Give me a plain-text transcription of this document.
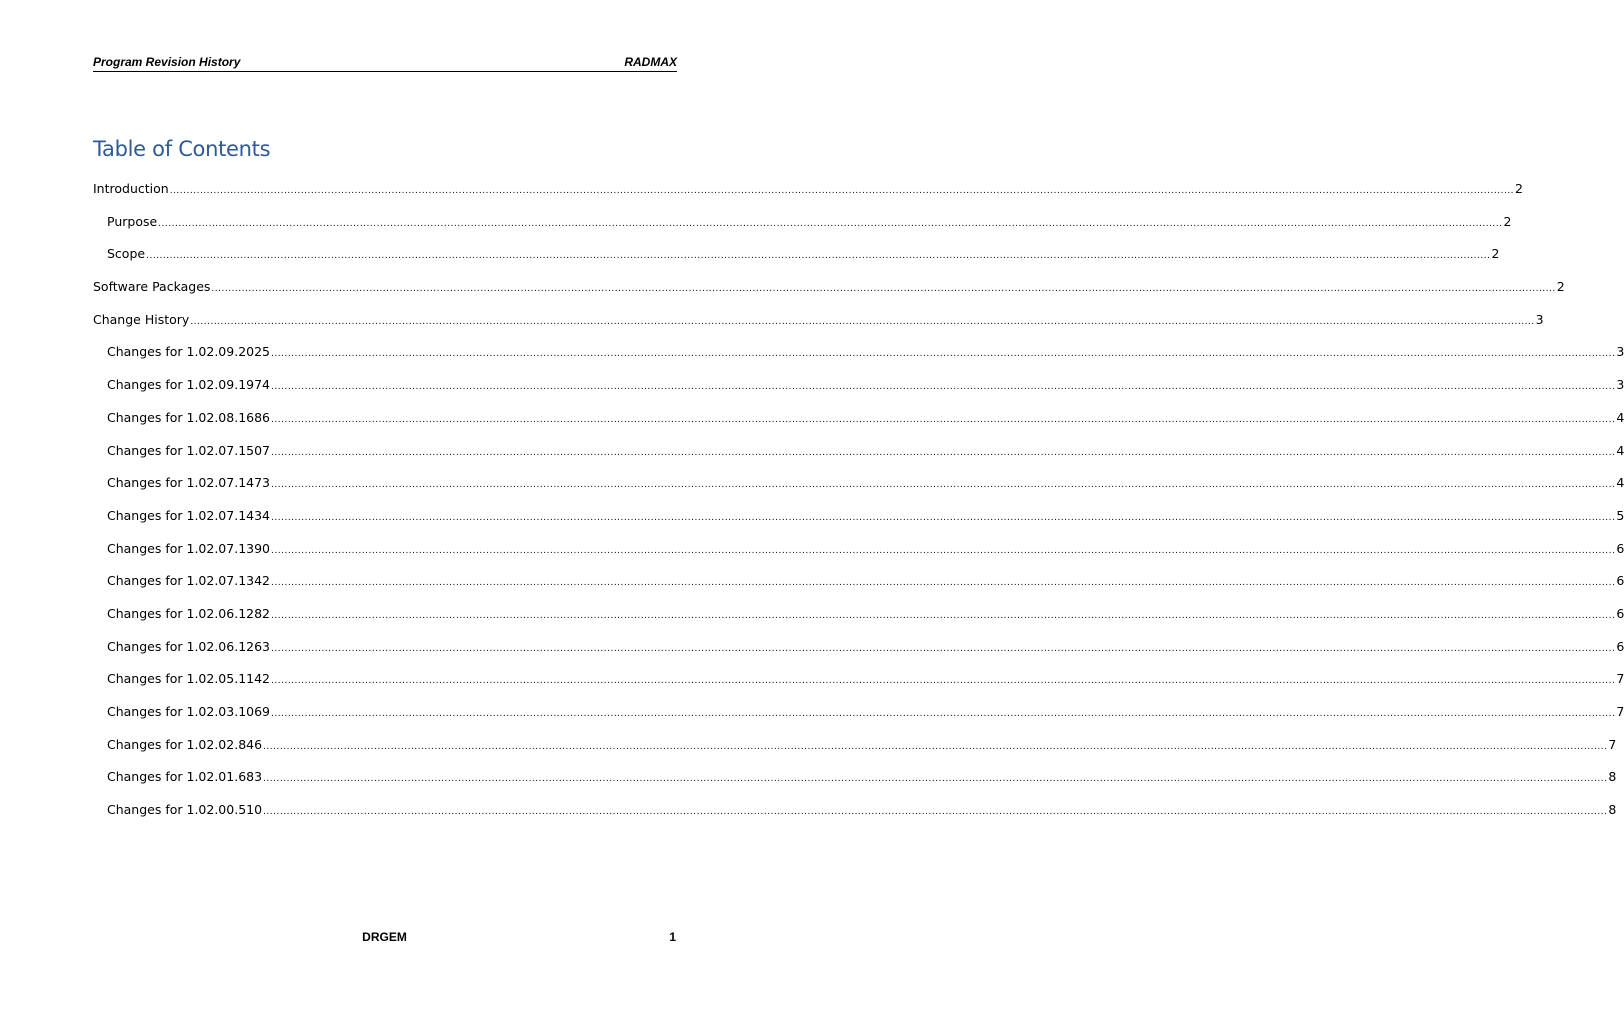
Program Revision History	RADMAX
Table of Contents
Introduction ................................................................................................................................................................................................................................................................................................................................................................................................................ 2
Purpose ................................................................................................................................................................................................................................................................................................................................................................................................................ 2
Scope ................................................................................................................................................................................................................................................................................................................................................................................................................ 2
Software Packages ................................................................................................................................................................................................................................................................................................................................................................................................................ 2
Change History ................................................................................................................................................................................................................................................................................................................................................................................................................ 3
Changes for 1.02.09.2025 ................................................................................................................................................................................................................................................................................................................................................................................................................ 3
Changes for 1.02.09.1974 ................................................................................................................................................................................................................................................................................................................................................................................................................ 3
Changes for 1.02.08.1686 ................................................................................................................................................................................................................................................................................................................................................................................................................ 4
Changes for 1.02.07.1507 ................................................................................................................................................................................................................................................................................................................................................................................................................ 4
Changes for 1.02.07.1473 ................................................................................................................................................................................................................................................................................................................................................................................................................ 4
Changes for 1.02.07.1434 ................................................................................................................................................................................................................................................................................................................................................................................................................ 5
Changes for 1.02.07.1390 ................................................................................................................................................................................................................................................................................................................................................................................................................ 6
Changes for 1.02.07.1342 ................................................................................................................................................................................................................................................................................................................................................................................................................ 6
Changes for 1.02.06.1282 ................................................................................................................................................................................................................................................................................................................................................................................................................ 6
Changes for 1.02.06.1263 ................................................................................................................................................................................................................................................................................................................................................................................................................ 6
Changes for 1.02.05.1142 ................................................................................................................................................................................................................................................................................................................................................................................................................ 7
Changes for 1.02.03.1069 ................................................................................................................................................................................................................................................................................................................................................................................................................ 7
Changes for 1.02.02.846 ................................................................................................................................................................................................................................................................................................................................................................................................................ 7
Changes for 1.02.01.683 ................................................................................................................................................................................................................................................................................................................................................................................................................ 8
Changes for 1.02.00.510 ................................................................................................................................................................................................................................................................................................................................................................................................................ 8
DRGEM	1
